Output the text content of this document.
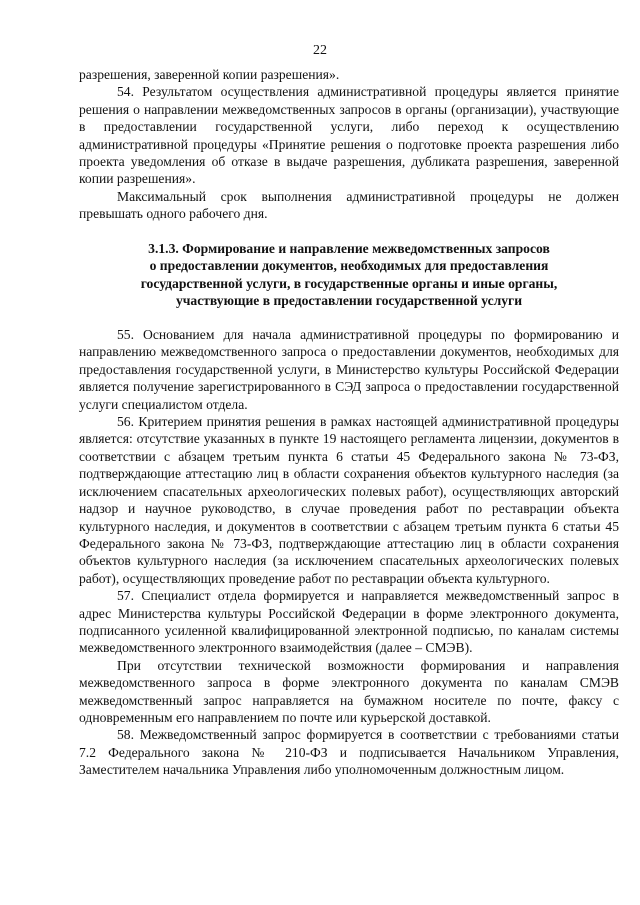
22

разрешения, заверенной копии разрешения».

54. Результатом осуществления административной процедуры является принятие решения о направлении межведомственных запросов в органы (организации), участвующие в предоставлении государственной услуги, либо переход к осуществлению административной процедуры «Принятие решения о подготовке проекта разрешения либо проекта уведомления об отказе в выдаче разрешения, дубликата разрешения, заверенной копии разрешения».

Максимальный срок выполнения административной процедуры не должен превышать одного рабочего дня.

3.1.3. Формирование и направление межведомственных запросов
о предоставлении документов, необходимых для предоставления
государственной услуги, в государственные органы и иные органы,
участвующие в предоставлении государственной услуги

55. Основанием для начала административной процедуры по формированию и направлению межведомственного запроса о предоставлении документов, необходимых для предоставления государственной услуги, в Министерство культуры Российской Федерации является получение зарегистрированного в СЭД запроса о предоставлении государственной услуги специалистом отдела.

56. Критерием принятия решения в рамках настоящей административной процедуры является: отсутствие указанных в пункте 19 настоящего регламента лицензии, документов в соответствии с абзацем третьим пункта 6 статьи 45 Федерального закона № 73-ФЗ, подтверждающие аттестацию лиц в области сохранения объектов культурного наследия (за исключением спасательных археологических полевых работ), осуществляющих авторский надзор и научное руководство, в случае проведения работ по реставрации объекта культурного наследия, и документов в соответствии с абзацем третьим пункта 6 статьи 45 Федерального закона № 73-ФЗ, подтверждающие аттестацию лиц в области сохранения объектов культурного наследия (за исключением спасательных археологических полевых работ), осуществляющих проведение работ по реставрации объекта культурного.

57. Специалист отдела формируется и направляется межведомственный запрос в адрес Министерства культуры Российской Федерации в форме электронного документа, подписанного усиленной квалифицированной электронной подписью, по каналам системы межведомственного электронного взаимодействия (далее – СМЭВ).

При отсутствии технической возможности формирования и направления межведомственного запроса в форме электронного документа по каналам СМЭВ межведомственный запрос направляется на бумажном носителе по почте, факсу с одновременным его направлением по почте или курьерской доставкой.

58. Межведомственный запрос формируется в соответствии с требованиями статьи 7.2 Федерального закона № 210-ФЗ и подписывается Начальником Управления, Заместителем начальника Управления либо уполномоченным должностным лицом.
